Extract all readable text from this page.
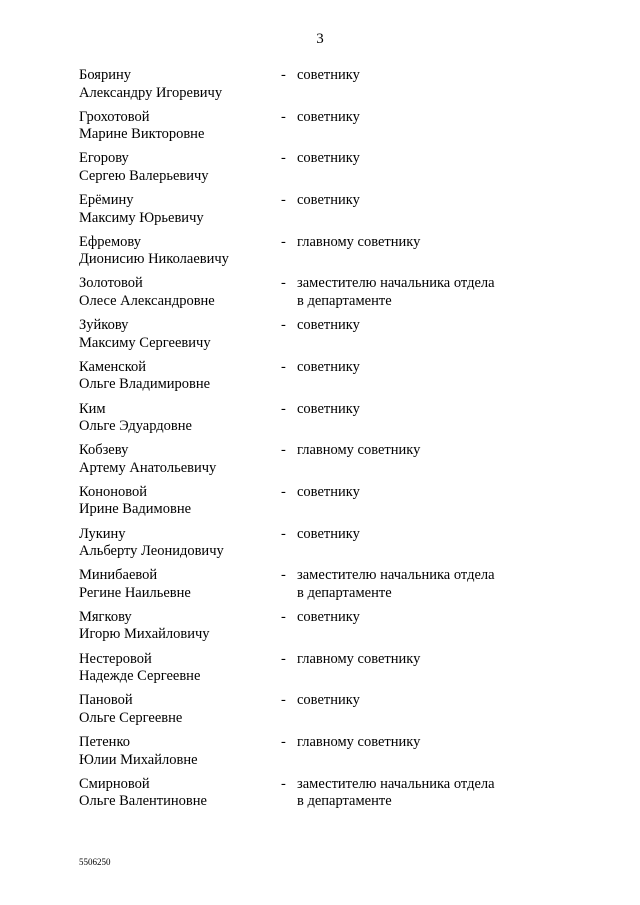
3
Боярину
Александру Игоревичу
- советнику
Грохотовой
Марине Викторовне
- советнику
Егорову
Сергею Валерьевичу
- советнику
Ерёмину
Максиму Юрьевичу
- советнику
Ефремову
Дионисию Николаевичу
- главному советнику
Золотовой
Олесе Александровне
- заместителю начальника отдела
в департаменте
Зуйкову
Максиму Сергеевичу
- советнику
Каменской
Ольге Владимировне
- советнику
Ким
Ольге Эдуардовне
- советнику
Кобзеву
Артему Анатольевичу
- главному советнику
Кононовой
Ирине Вадимовне
- советнику
Лукину
Альберту Леонидовичу
- советнику
Минибаевой
Регине Наильевне
- заместителю начальника отдела
в департаменте
Мягкову
Игорю Михайловичу
- советнику
Нестеровой
Надежде Сергеевне
- главному советнику
Пановой
Ольге Сергеевне
- советнику
Петенко
Юлии Михайловне
- главному советнику
Смирновой
Ольге Валентиновне
- заместителю начальника отдела
в департаменте
5506250
